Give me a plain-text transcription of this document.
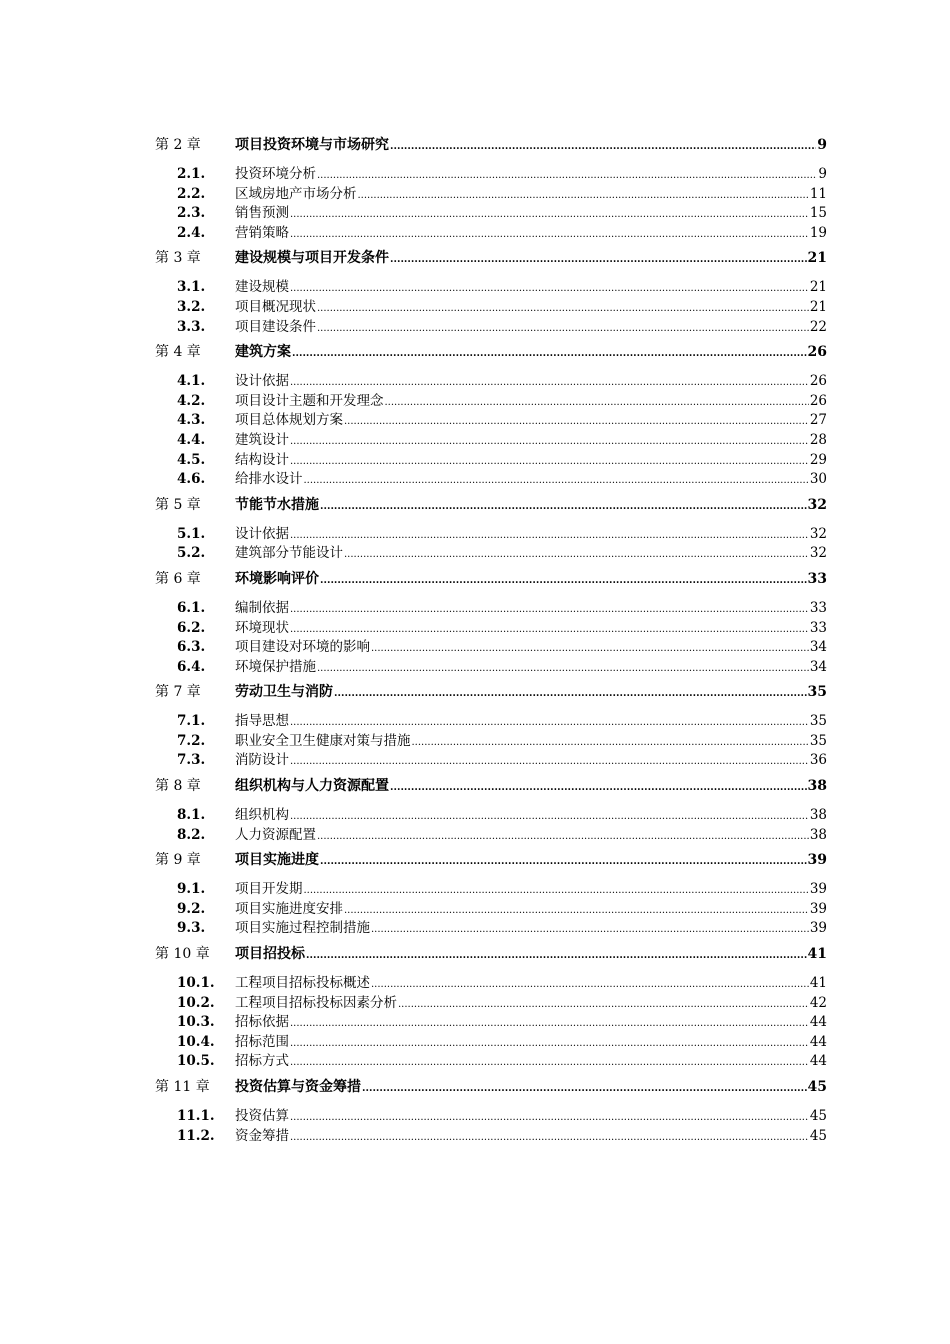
第 2 章	项目投资环境与市场研究 .....	9
2.1.	投资环境分析 .....	9
2.2.	区域房地产市场分析 .....	11
2.3.	销售预测 .....	15
2.4.	营销策略 .....	19
第 3 章	建设规模与项目开发条件 .....	21
3.1.	建设规模 .....	21
3.2.	项目概况现状 .....	21
3.3.	项目建设条件 .....	22
第 4 章	建筑方案 .....	26
4.1.	设计依据 .....	26
4.2.	项目设计主题和开发理念 .....	26
4.3.	项目总体规划方案 .....	27
4.4.	建筑设计 .....	28
4.5.	结构设计 .....	29
4.6.	给排水设计 .....	30
第 5 章	节能节水措施 .....	32
5.1.	设计依据 .....	32
5.2.	建筑部分节能设计 .....	32
第 6 章	环境影响评价 .....	33
6.1.	编制依据 .....	33
6.2.	环境现状 .....	33
6.3.	项目建设对环境的影响 .....	34
6.4.	环境保护措施 .....	34
第 7 章	劳动卫生与消防 .....	35
7.1.	指导思想 .....	35
7.2.	职业安全卫生健康对策与措施 .....	35
7.3.	消防设计 .....	36
第 8 章	组织机构与人力资源配置 .....	38
8.1.	组织机构 .....	38
8.2.	人力资源配置 .....	38
第 9 章	项目实施进度 .....	39
9.1.	项目开发期 .....	39
9.2.	项目实施进度安排 .....	39
9.3.	项目实施过程控制措施 .....	39
第 10 章	项目招投标 .....	41
10.1.	工程项目招标投标概述 .....	41
10.2.	工程项目招标投标因素分析 .....	42
10.3.	招标依据 .....	44
10.4.	招标范围 .....	44
10.5.	招标方式 .....	44
第 11 章	投资估算与资金筹措 .....	45
11.1.	投资估算 .....	45
11.2.	资金筹措 .....	45
